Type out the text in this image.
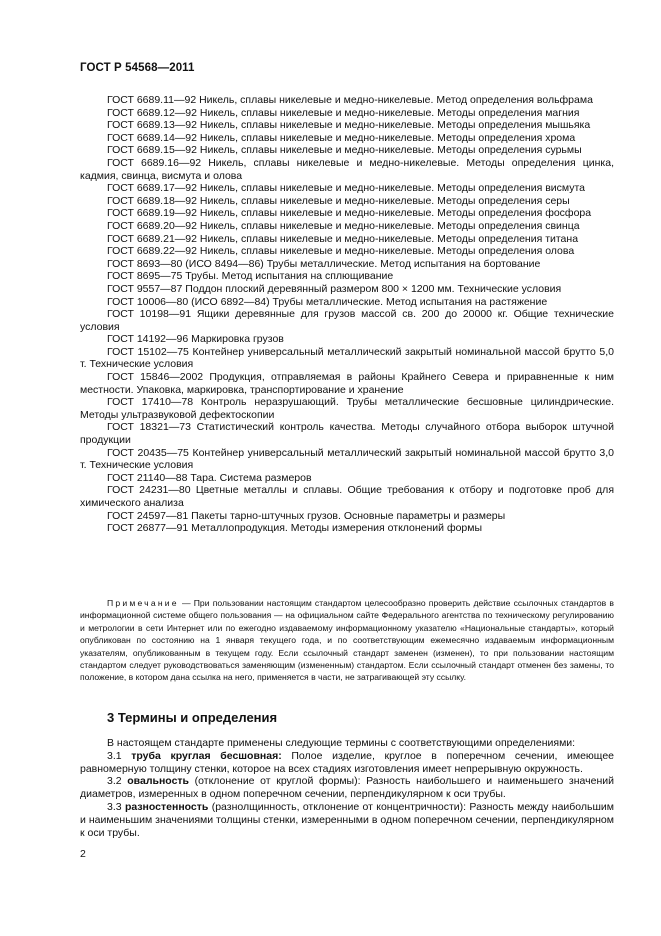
ГОСТ Р 54568—2011

ГОСТ 6689.11—92 Никель, сплавы никелевые и медно-никелевые. Метод определения вольфрама

ГОСТ 6689.12—92 Никель, сплавы никелевые и медно-никелевые. Методы определения магния

ГОСТ 6689.13—92 Никель, сплавы никелевые и медно-никелевые. Методы определения мышьяка

ГОСТ 6689.14—92 Никель, сплавы никелевые и медно-никелевые. Методы определения хрома

ГОСТ 6689.15—92 Никель, сплавы никелевые и медно-никелевые. Методы определения сурьмы

ГОСТ 6689.16—92 Никель, сплавы никелевые и медно-никелевые. Методы определения цинка, кадмия, свинца, висмута и олова

ГОСТ 6689.17—92 Никель, сплавы никелевые и медно-никелевые. Методы определения висмута

ГОСТ 6689.18—92 Никель, сплавы никелевые и медно-никелевые. Методы определения серы

ГОСТ 6689.19—92 Никель, сплавы никелевые и медно-никелевые. Методы определения фосфора

ГОСТ 6689.20—92 Никель, сплавы никелевые и медно-никелевые. Методы определения свинца

ГОСТ 6689.21—92 Никель, сплавы никелевые и медно-никелевые. Методы определения титана

ГОСТ 6689.22—92 Никель, сплавы никелевые и медно-никелевые. Методы определения олова

ГОСТ 8693—80 (ИСО 8494—86) Трубы металлические. Метод испытания на бортование

ГОСТ 8695—75 Трубы. Метод испытания на сплющивание

ГОСТ 9557—87 Поддон плоский деревянный размером 800 × 1200 мм. Технические условия

ГОСТ 10006—80 (ИСО 6892—84) Трубы металлические. Метод испытания на растяжение

ГОСТ 10198—91 Ящики деревянные для грузов массой св. 200 до 20000 кг. Общие технические условия

ГОСТ 14192—96 Маркировка грузов

ГОСТ 15102—75 Контейнер универсальный металлический закрытый номинальной массой брутто 5,0 т. Технические условия

ГОСТ 15846—2002 Продукция, отправляемая в районы Крайнего Севера и приравненные к ним местности. Упаковка, маркировка, транспортирование и хранение

ГОСТ 17410—78 Контроль неразрушающий. Трубы металлические бесшовные цилиндрические. Методы ультразвуковой дефектоскопии

ГОСТ 18321—73 Статистический контроль качества. Методы случайного отбора выборок штучной продукции

ГОСТ 20435—75 Контейнер универсальный металлический закрытый номинальной массой брутто 3,0 т. Технические условия

ГОСТ 21140—88 Тара. Система размеров

ГОСТ 24231—80 Цветные металлы и сплавы. Общие требования к отбору и подготовке проб для химического анализа

ГОСТ 24597—81 Пакеты тарно-штучных грузов. Основные параметры и размеры

ГОСТ 26877—91 Металлопродукция. Методы измерения отклонений формы

Примечание — При пользовании настоящим стандартом целесообразно проверить действие ссылочных стандартов в информационной системе общего пользования — на официальном сайте Федерального агентства по техническому регулированию и метрологии в сети Интернет или по ежегодно издаваемому информационному указателю «Национальные стандарты», который опубликован по состоянию на 1 января текущего года, и по соответствующим ежемесячно издаваемым информационным указателям, опубликованным в текущем году. Если ссылочный стандарт заменен (изменен), то при пользовании настоящим стандартом следует руководствоваться заменяющим (измененным) стандартом. Если ссылочный стандарт отменен без замены, то положение, в котором дана ссылка на него, применяется в части, не затрагивающей эту ссылку.

3 Термины и определения

В настоящем стандарте применены следующие термины с соответствующими определениями:

3.1 труба круглая бесшовная: Полое изделие, круглое в поперечном сечении, имеющее равномерную толщину стенки, которое на всех стадиях изготовления имеет непрерывную окружность.

3.2 овальность (отклонение от круглой формы): Разность наибольшего и наименьшего значений диаметров, измеренных в одном поперечном сечении, перпендикулярном к оси трубы.

3.3 разностенность (разнолщинность, отклонение от концентричности): Разность между наибольшим и наименьшим значениями толщины стенки, измеренными в одном поперечном сечении, перпендикулярном к оси трубы.

2
